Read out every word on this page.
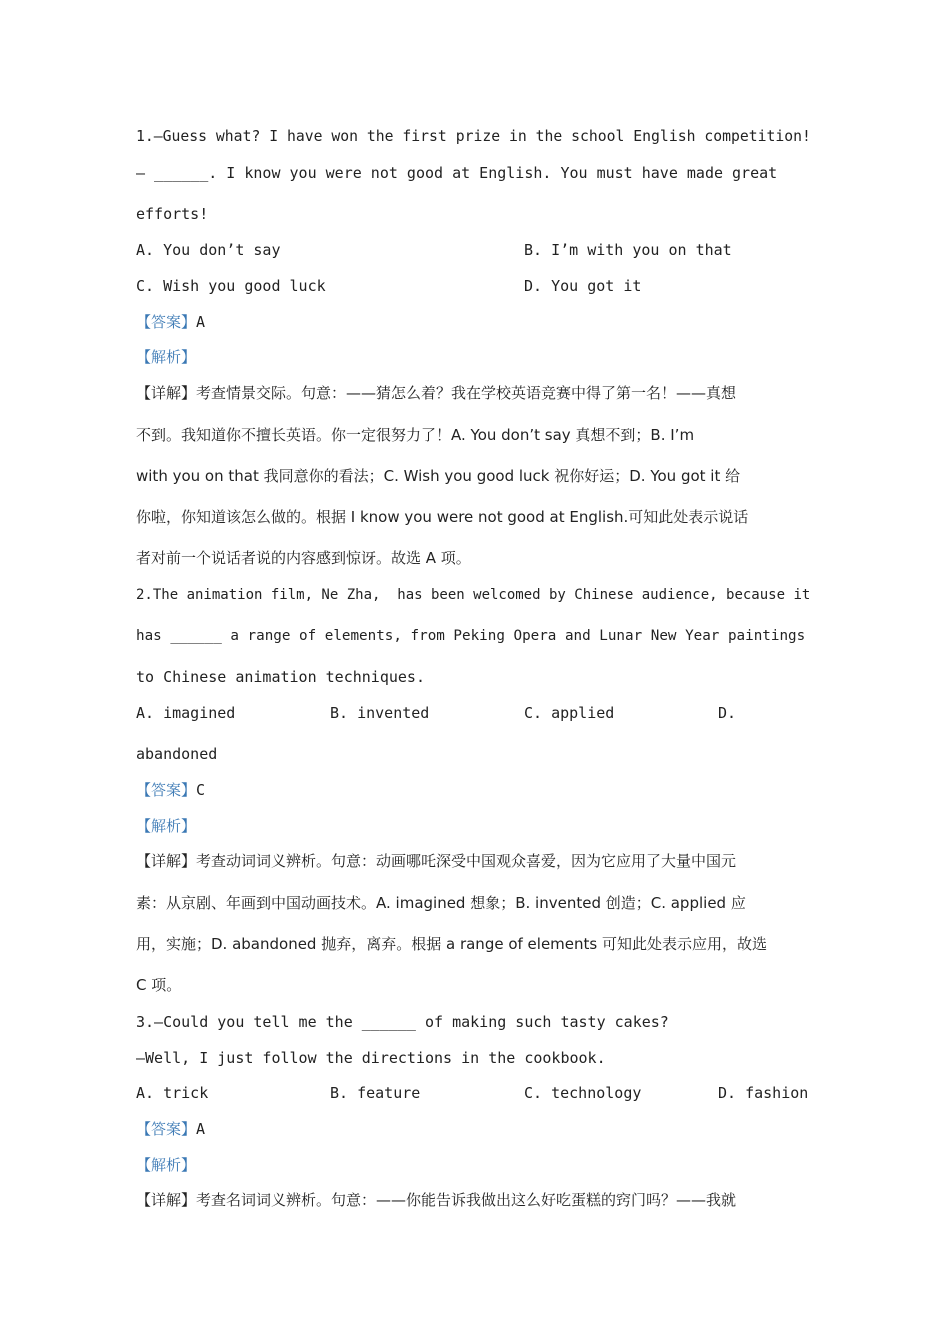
1.—Guess what? I have won the first prize in the school English competition!
— ______. I know you were not good at English. You must have made great
efforts!
A. You don’t say	B. I’m with you on that
C. Wish you good luck	D. You got it
【答案】A
【解析】
【详解】考查情景交际。句意：——猜怎么着？我在学校英语竞赛中得了第一名！——真想
不到。我知道你不擅长英语。你一定很努力了！A. You don’t say 真想不到；B. I’m
with you on that 我同意你的看法；C. Wish you good luck 祝你好运；D. You got it 给
你啦，你知道该怎么做的。根据 I know you were not good at English.可知此处表示说话
者对前一个说话者说的内容感到惊讶。故选 A 项。
2.The animation film, Ne Zha,  has been welcomed by Chinese audience, because it
has ______ a range of elements, from Peking Opera and Lunar New Year paintings
to Chinese animation techniques.
A. imagined	B. invented	C. applied	D.
abandoned
【答案】C
【解析】
【详解】考查动词词义辨析。句意：动画哪吒深受中国观众喜爱，因为它应用了大量中国元
素：从京剧、年画到中国动画技术。A. imagined 想象；B. invented 创造；C. applied 应
用，实施；D. abandoned 抛弃，离弃。根据 a range of elements 可知此处表示应用，故选
C 项。
3.—Could you tell me the ______ of making such tasty cakes?
—Well, I just follow the directions in the cookbook.
A. trick	B. feature	C. technology	D. fashion
【答案】A
【解析】
【详解】考查名词词义辨析。句意：——你能告诉我做出这么好吃蛋糕的窍门吗？——我就
